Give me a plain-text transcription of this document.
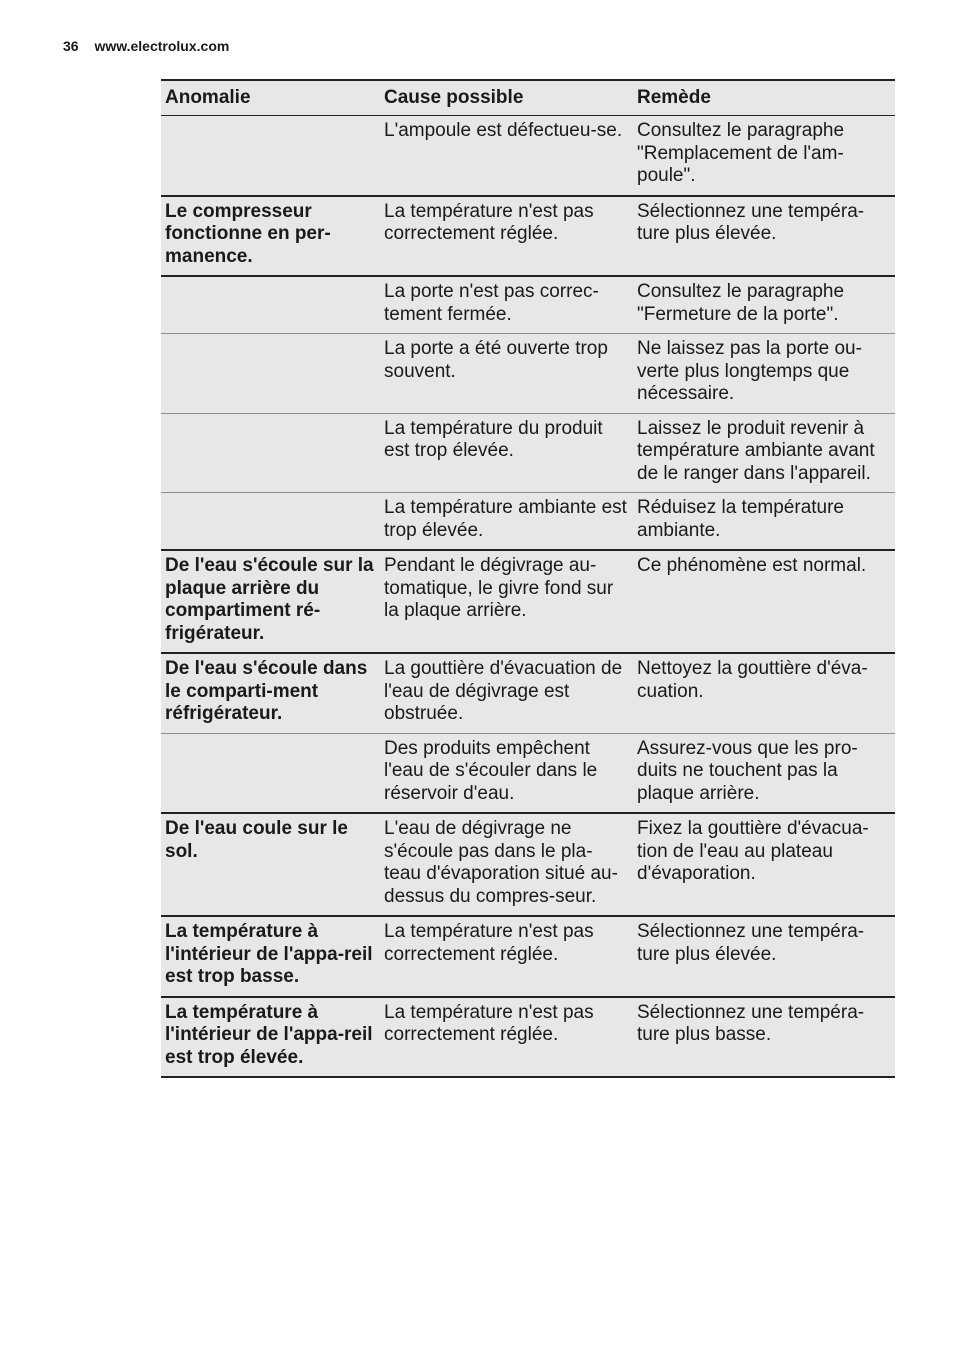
36 www.electrolux.com
Anomalie	Cause possible	Remède
	L'ampoule est défectueu-se.	Consultez le paragraphe "Remplacement de l'am-poule".
Le compresseur fonctionne en per-manence.	La température n'est pas correctement réglée.	Sélectionnez une tempéra-ture plus élevée.
	La porte n'est pas correc-tement fermée.	Consultez le paragraphe "Fermeture de la porte".
	La porte a été ouverte trop souvent.	Ne laissez pas la porte ou-verte plus longtemps que nécessaire.
	La température du produit est trop élevée.	Laissez le produit revenir à température ambiante avant de le ranger dans l'appareil.
	La température ambiante est trop élevée.	Réduisez la température ambiante.
De l'eau s'écoule sur la plaque arrière du compartiment ré-frigérateur.	Pendant le dégivrage au-tomatique, le givre fond sur la plaque arrière.	Ce phénomène est normal.
De l'eau s'écoule dans le comparti-ment réfrigérateur.	La gouttière d'évacuation de l'eau de dégivrage est obstruée.	Nettoyez la gouttière d'éva-cuation.
	Des produits empêchent l'eau de s'écouler dans le réservoir d'eau.	Assurez-vous que les pro-duits ne touchent pas la plaque arrière.
De l'eau coule sur le sol.	L'eau de dégivrage ne s'écoule pas dans le pla-teau d'évaporation situé au-dessus du compres-seur.	Fixez la gouttière d'évacua-tion de l'eau au plateau d'évaporation.
La température à l'intérieur de l'appa-reil est trop basse.	La température n'est pas correctement réglée.	Sélectionnez une tempéra-ture plus élevée.
La température à l'intérieur de l'appa-reil est trop élevée.	La température n'est pas correctement réglée.	Sélectionnez une tempéra-ture plus basse.
